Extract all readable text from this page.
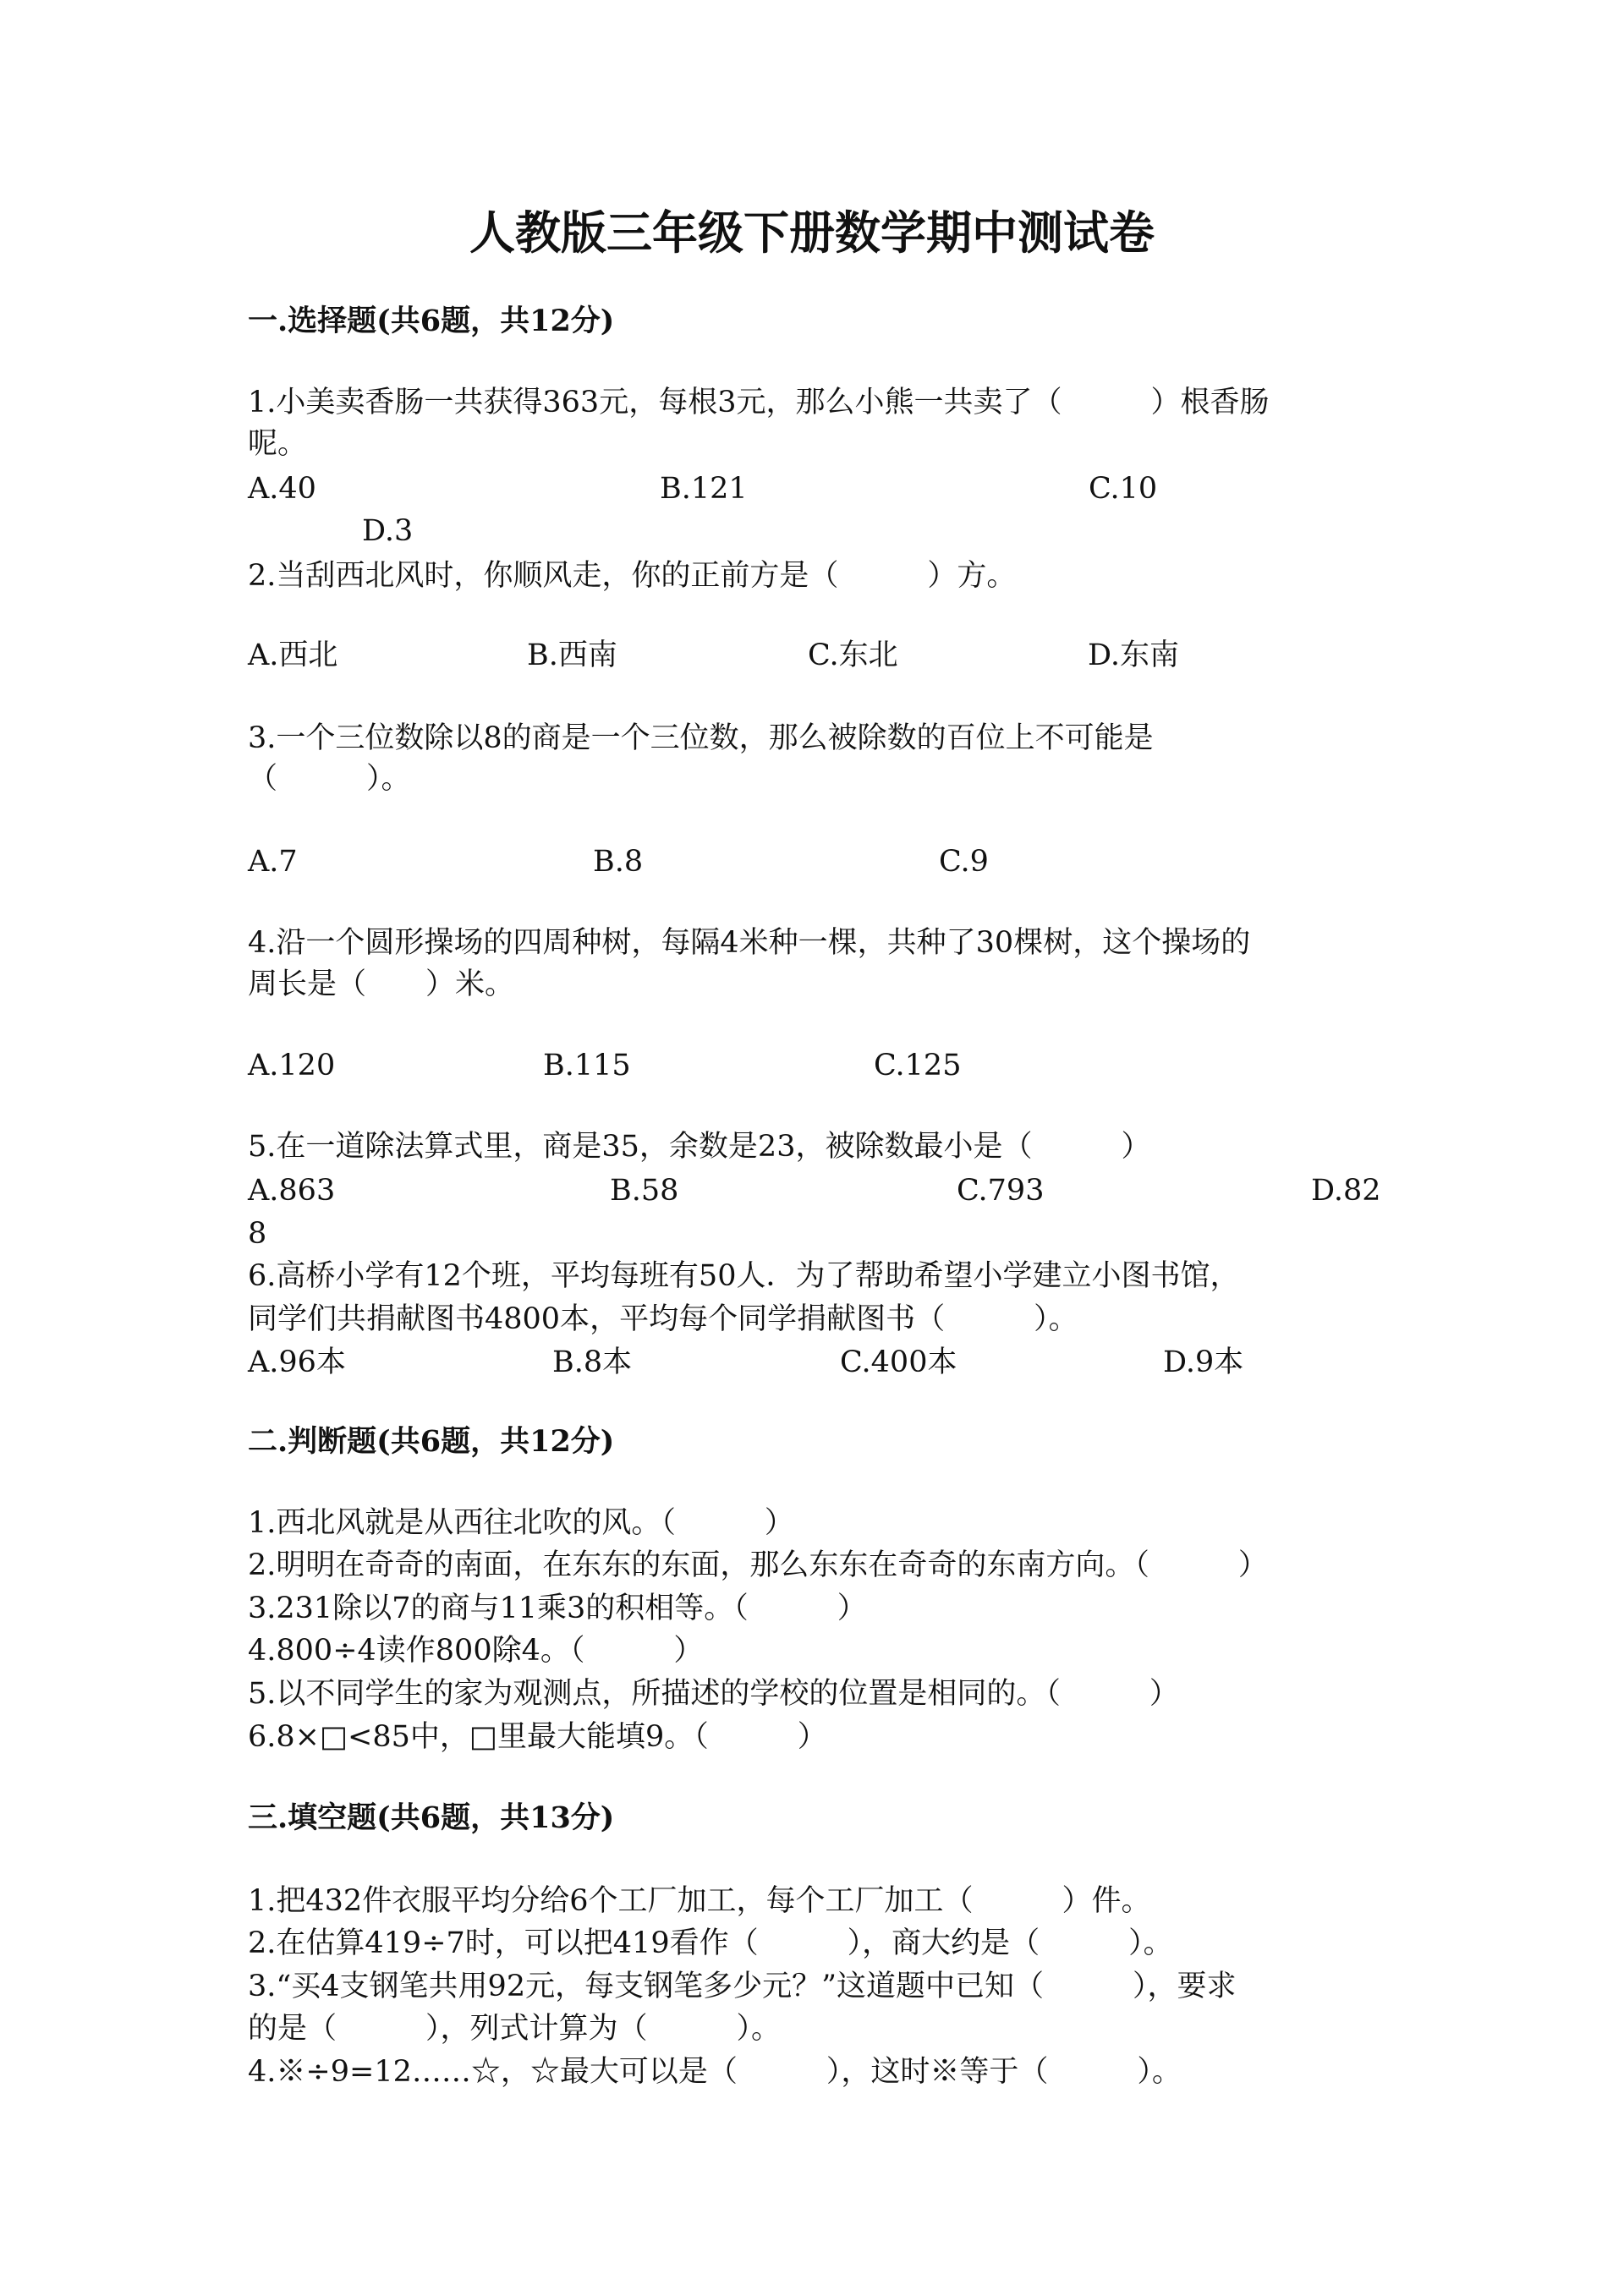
人教版三年级下册数学期中测试卷
一.选择题(共6题，共12分)
1.小美卖香肠一共获得363元，每根3元，那么小熊一共卖了（　　　）根香肠
呢。
A.40	B.121	C.10
D.3
2.当刮西北风时，你顺风走，你的正前方是（　　　）方。
A.西北	B.西南	C.东北	D.东南
3.一个三位数除以8的商是一个三位数，那么被除数的百位上不可能是
（　　　）。
A.7	B.8	C.9
4.沿一个圆形操场的四周种树，每隔4米种一棵，共种了30棵树，这个操场的
周长是（　　）米。
A.120	B.115	C.125
5.在一道除法算式里，商是35，余数是23，被除数最小是（　　　）
A.863	B.58	C.793	D.82
8
6.高桥小学有12个班，平均每班有50人．为了帮助希望小学建立小图书馆，
同学们共捐献图书4800本，平均每个同学捐献图书（　　　）。
A.96本	B.8本	C.400本	D.9本
二.判断题(共6题，共12分)
1.西北风就是从西往北吹的风。（　　　）
2.明明在奇奇的南面，在东东的东面，那么东东在奇奇的东南方向。（　　　）
3.231除以7的商与11乘3的积相等。（　　　）
4.800÷4读作800除4。（　　　）
5.以不同学生的家为观测点，所描述的学校的位置是相同的。（　　　）
6.8×□<85中，□里最大能填9。（　　　）
三.填空题(共6题，共13分)
1.把432件衣服平均分给6个工厂加工，每个工厂加工（　　　）件。
2.在估算419÷7时，可以把419看作（　　　），商大约是（　　　）。
3.“买4支钢笔共用92元，每支钢笔多少元？”这道题中已知（　　　），要求
的是（　　　），列式计算为（　　　）。
4.※÷9=12……☆，☆最大可以是（　　　），这时※等于（　　　）。
